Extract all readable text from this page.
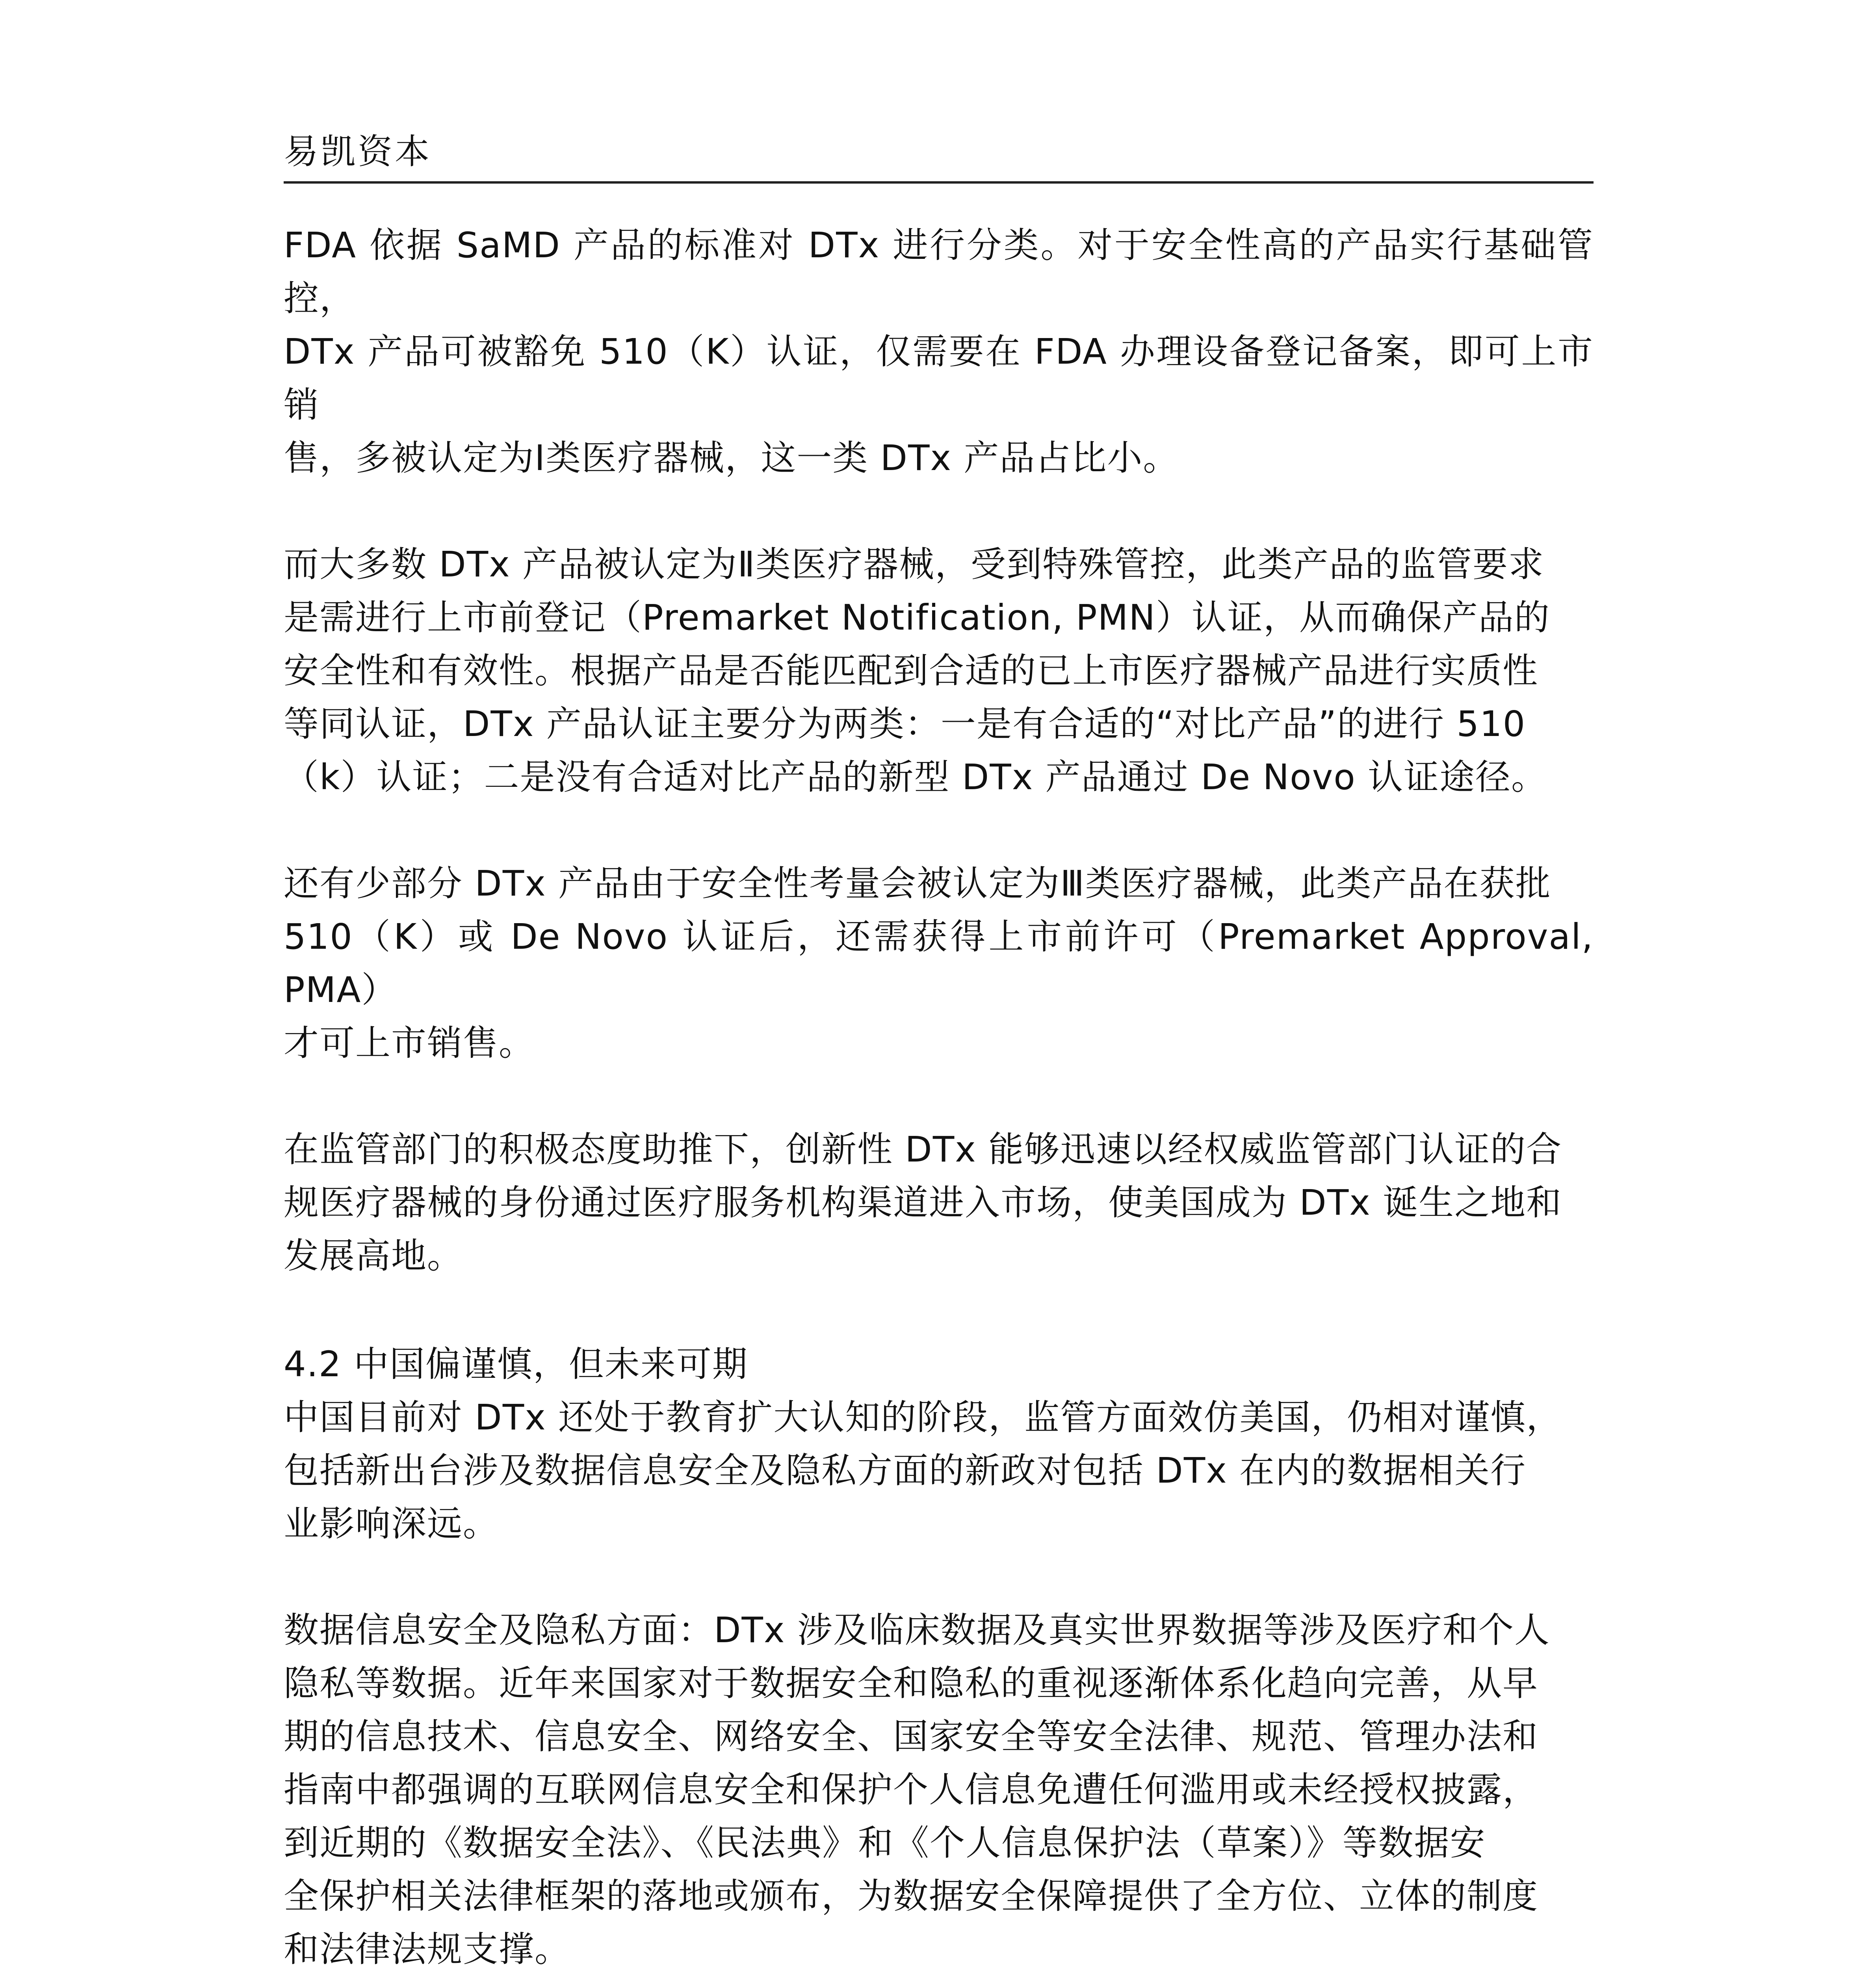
易凯资本

FDA 依据 SaMD 产品的标准对 DTx 进行分类。对于安全性高的产品实行基础管控，
DTx 产品可被豁免 510（K）认证，仅需要在 FDA 办理设备登记备案，即可上市销
售，多被认定为Ⅰ类医疗器械，这一类 DTx 产品占比小。

而大多数 DTx 产品被认定为Ⅱ类医疗器械，受到特殊管控，此类产品的监管要求
是需进行上市前登记（Premarket Notification, PMN）认证，从而确保产品的
安全性和有效性。根据产品是否能匹配到合适的已上市医疗器械产品进行实质性
等同认证，DTx 产品认证主要分为两类：一是有合适的“对比产品”的进行 510
（k）认证；二是没有合适对比产品的新型 DTx 产品通过 De Novo 认证途径。

还有少部分 DTx 产品由于安全性考量会被认定为Ⅲ类医疗器械，此类产品在获批
510（K）或 De Novo 认证后，还需获得上市前许可（Premarket Approval, PMA）
才可上市销售。

在监管部门的积极态度助推下，创新性 DTx 能够迅速以经权威监管部门认证的合
规医疗器械的身份通过医疗服务机构渠道进入市场，使美国成为 DTx 诞生之地和
发展高地。

4.2 中国偏谨慎，但未来可期

中国目前对 DTx 还处于教育扩大认知的阶段，监管方面效仿美国，仍相对谨慎，
包括新出台涉及数据信息安全及隐私方面的新政对包括 DTx 在内的数据相关行
业影响深远。

数据信息安全及隐私方面：DTx 涉及临床数据及真实世界数据等涉及医疗和个人
隐私等数据。近年来国家对于数据安全和隐私的重视逐渐体系化趋向完善，从早
期的信息技术、信息安全、网络安全、国家安全等安全法律、规范、管理办法和
指南中都强调的互联网信息安全和保护个人信息免遭任何滥用或未经授权披露，
到近期的《数据安全法》、《民法典》和《个人信息保护法（草案）》等数据安
全保护相关法律框架的落地或颁布，为数据安全保障提供了全方位、立体的制度
和法律法规支撑。
